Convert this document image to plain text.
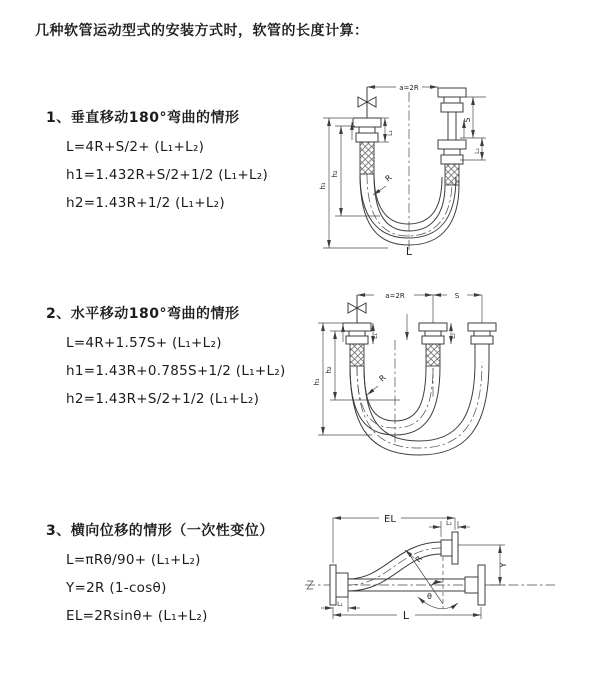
几种软管运动型式的安装方式时，软管的长度计算：
1、垂直移动180°弯曲的情形
L=4R+S/2+ (L₁+L₂)
h1=1.432R+S/2+1/2 (L₁+L₂)
h2=1.43R+1/2 (L₁+L₂)
a=2R
h₁
h₂
L₁
S
L₂
R
L
2、水平移动180°弯曲的情形
L=4R+1.57S+ (L₁+L₂)
h1=1.43R+0.785S+1/2 (L₁+L₂)
h2=1.43R+S/2+1/2 (L₁+L₂)
a=2R	S
L₁	L₂
h₁
h₂
R
3、横向位移的情形（一次性变位）
L=πRθ/90+ (L₁+L₂)
Y=2R (1-cosθ)
EL=2Rsinθ+ (L₁+L₂)
EL	L₂
Y
R
θ
L
L₁
